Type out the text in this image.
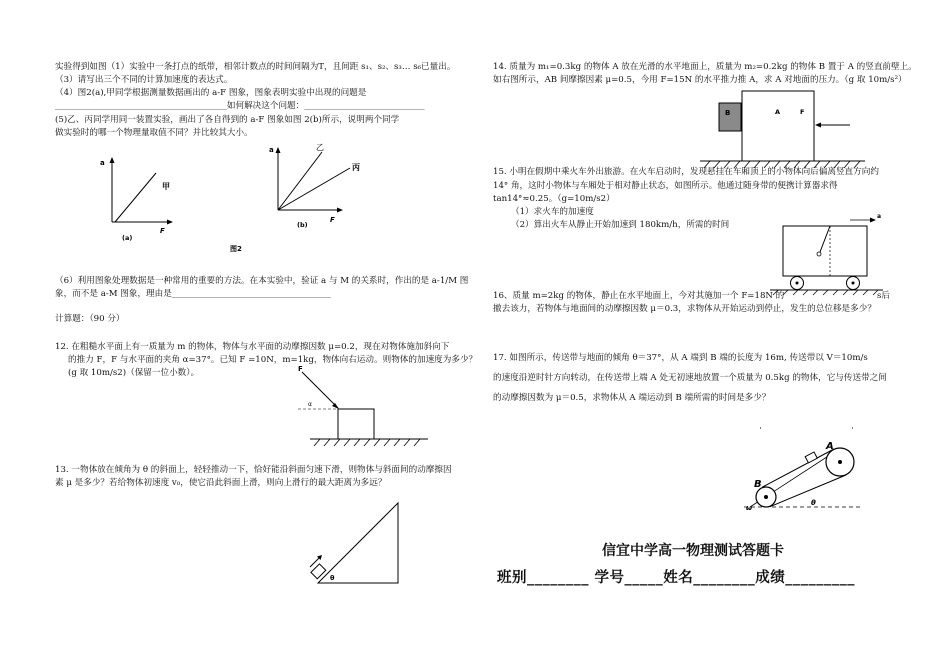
实验得到如图（1）实验中一条打点的纸带，相邻计数点的时间间隔为T，且间距 s₁、s₂、s₃… s₆已量出。
（3）请写出三个不同的计算加速度的表达式。
（4）图2(a),甲同学根据测量数据画出的 a-F 图象，图象表明实验中出现的问题是
________________________________________如何解决这个问题：____________________________
(5)乙、丙同学用同一装置实验，画出了各自得到的 a-F 图象如图 2(b)所示，说明两个同学
做实验时的哪一个物理量取值不同？并比较其大小。
a
F
甲
(a)
a
F
乙
丙
(b)
图2
（6）利用图象处理数据是一种常用的重要的方法。在本实验中，验证 a 与 M 的关系时，作出的是 a-1/M 图
象，而不是 a-M 图象，理由是_____________________________________
计算题：（90 分）
12. 在粗糙水平面上有一质量为 m 的物体，物体与水平面的动摩擦因数 μ=0.2，现在对物体施加斜向下
的推力 F，F 与水平面的夹角 α=37°。已知 F =10N，m=1kg，物体向右运动。则物体的加速度为多少？
(g 取 10m/s2)（保留一位小数）。	F
α
13. 一物体放在倾角为 θ 的斜面上，轻轻推动一下，恰好能沿斜面匀速下滑，则物体与斜面间的动摩擦因
素 μ 是多少？若给物体初速度 v₀，使它沿此斜面上滑，则向上滑行的最大距离为多远？
θ
14. 质量为 m₁=0.3kg 的物体 A 放在光滑的水平地面上，质量为 m₂=0.2kg 的物体 B 置于 A 的竖直前壁上。
如右图所示，AB 间摩擦因素 μ=0.5，今用 F=15N 的水平推力推 A，求 A 对地面的压力。（g 取 10m/s²）
B	A	F
15. 小明在假期中乘火车外出旅游。在火车启动时，发现悬挂在车厢顶上的小物体向后偏离竖直方向约
14° 角，这时小物体与车厢处于相对静止状态，如图所示。他通过随身带的便携计算器求得
tan14°≈0.25。（g=10m/s2）
（1）求火车的加速度
（2）算出火车从静止开始加速到 180km/h，所需的时间
a
16、质量 m=2kg 的物体，静止在水平地面上，今对其施加一个 F=18N 的	s后
撤去该力，若物体与地面间的动摩擦因数 μ＝0.3，求物体从开始运动到停止，发生的总位移是多少？
17. 如图所示，传送带与地面的倾角 θ＝37°，从 A 端到 B 端的长度为 16m, 传送带以 V＝10m/s
的速度沿逆时针方向转动，在传送带上端 A 处无初速地放置一个质量为 0.5kg 的物体，它与传送带之间
的动摩擦因数为 μ＝0.5，求物体从 A 端运动到 B 端所需的时间是多少？
A
B
θ
ω
信宜中学高一物理测试答题卡
班别________ 学号_____姓名________成绩_________
